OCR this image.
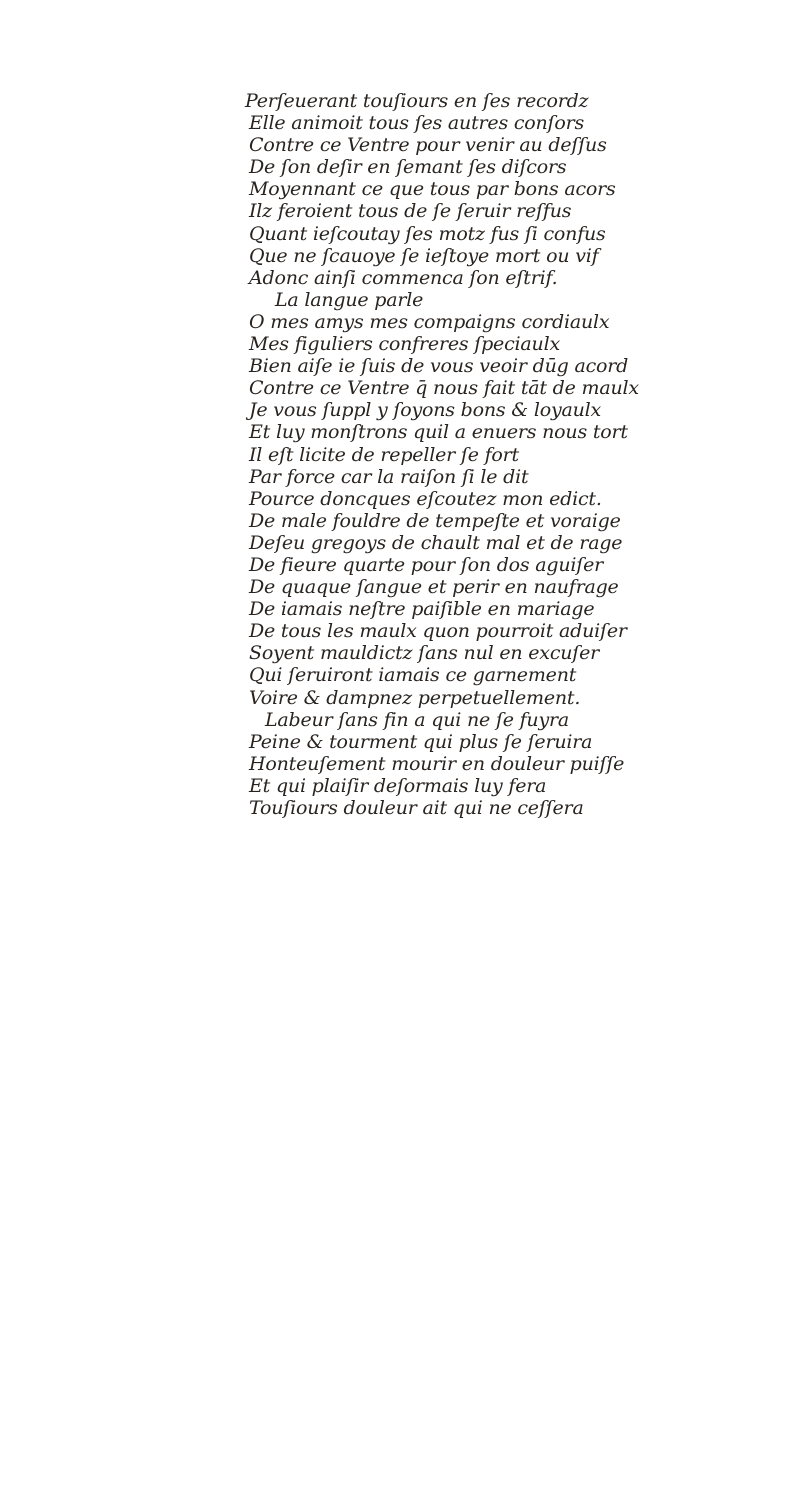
Perſeuerant touſiours en ſes recordz
Elle animoit tous ſes autres conſors
Contre ce Ventre pour venir au deſſus
De ſon deſir en ſemant ſes diſcors
Moyennant ce que tous par bons acors
Ilz feroient tous de ſe ſeruir reſfus
Quant ieſcoutay ſes motz fus ſi confus
Que ne ſcauoye ſe ieſtoye mort ou vif
Adonc ainſi commenca ſon eſtrif.
La langue parle
O mes amys mes compaigns cordiaulx
Mes figuliers confreres ſpeciaulx
Bien aiſe ie ſuis de vous veoir dūg acord
Contre ce Ventre q̄ nous fait tāt de maulx
Je vous ſuppl y ſoyons bons & loyaulx
Et luy monſtrons quil a enuers nous tort
Il eſt licite de repeller ſe fort
Par force car la raiſon ſi le dit
Pource doncques eſcoutez mon edict.
De male fouldre de tempeſte et voraige
Deſeu gregoys de chault mal et de rage
De fieure quarte pour ſon dos aguiſer
De quaque ſangue et perir en naufrage
De iamais neſtre paiſible en mariage
De tous les maulx quon pourroit aduiſer
Soyent mauldictz ſans nul en excuſer
Qui ſeruiront iamais ce garnement
Voire & dampnez perpetuellement.
Labeur ſans fin a qui ne ſe fuyra
Peine & tourment qui plus ſe ſeruira
Honteuſement mourir en douleur puiſſe
Et qui plaiſir deſormais luy fera
Touſiours douleur ait qui ne ceſſera
